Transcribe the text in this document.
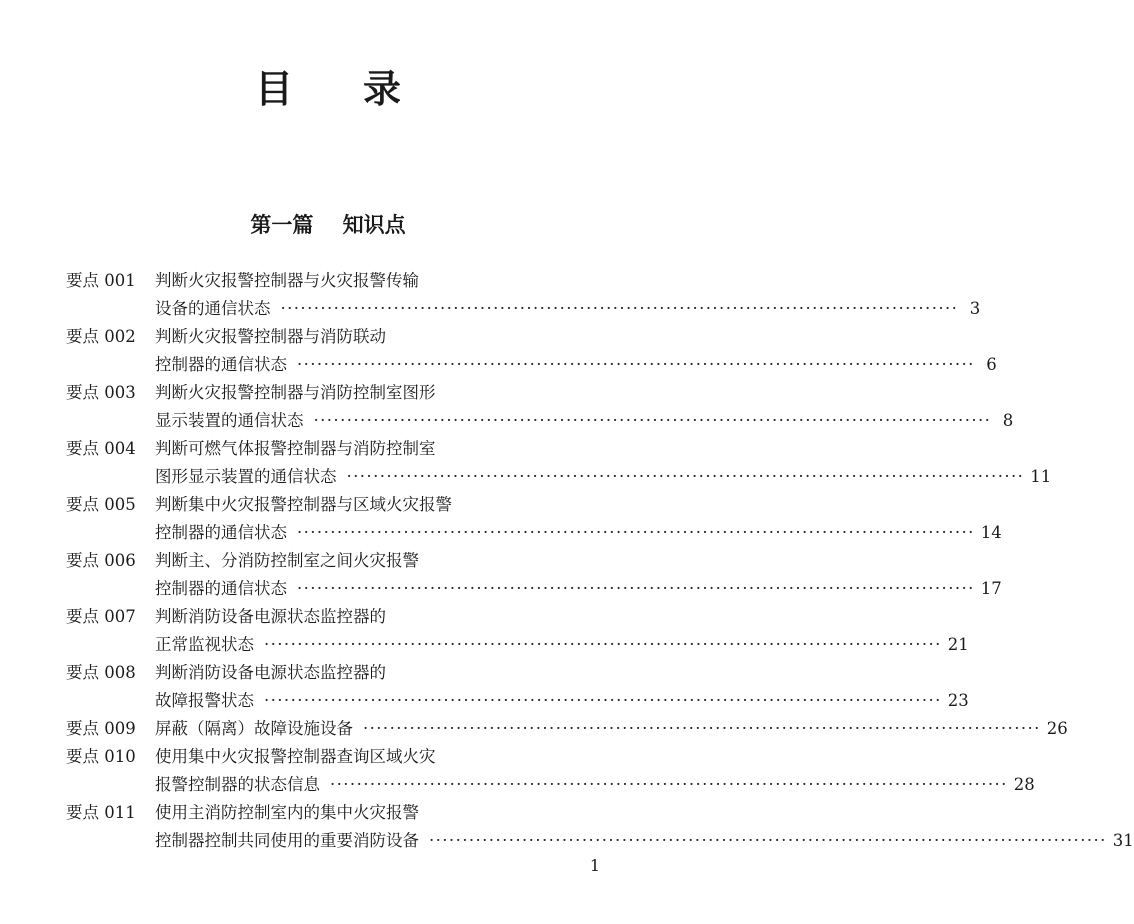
目录
第一篇 知识点
要点 001	判断火灾报警控制器与火灾报警传输
设备的通信状态 ·····	3
要点 002	判断火灾报警控制器与消防联动
控制器的通信状态 ·····	6
要点 003	判断火灾报警控制器与消防控制室图形
显示装置的通信状态 ·····	8
要点 004	判断可燃气体报警控制器与消防控制室
图形显示装置的通信状态 ·····	11
要点 005	判断集中火灾报警控制器与区域火灾报警
控制器的通信状态 ·····	14
要点 006	判断主、分消防控制室之间火灾报警
控制器的通信状态 ·····	17
要点 007	判断消防设备电源状态监控器的
正常监视状态 ·····	21
要点 008	判断消防设备电源状态监控器的
故障报警状态 ·····	23
要点 009	屏蔽（隔离）故障设施设备 ·····	26
要点 010	使用集中火灾报警控制器查询区域火灾
报警控制器的状态信息 ·····	28
要点 011	使用主消防控制室内的集中火灾报警
控制器控制共同使用的重要消防设备 ·····	31
1
